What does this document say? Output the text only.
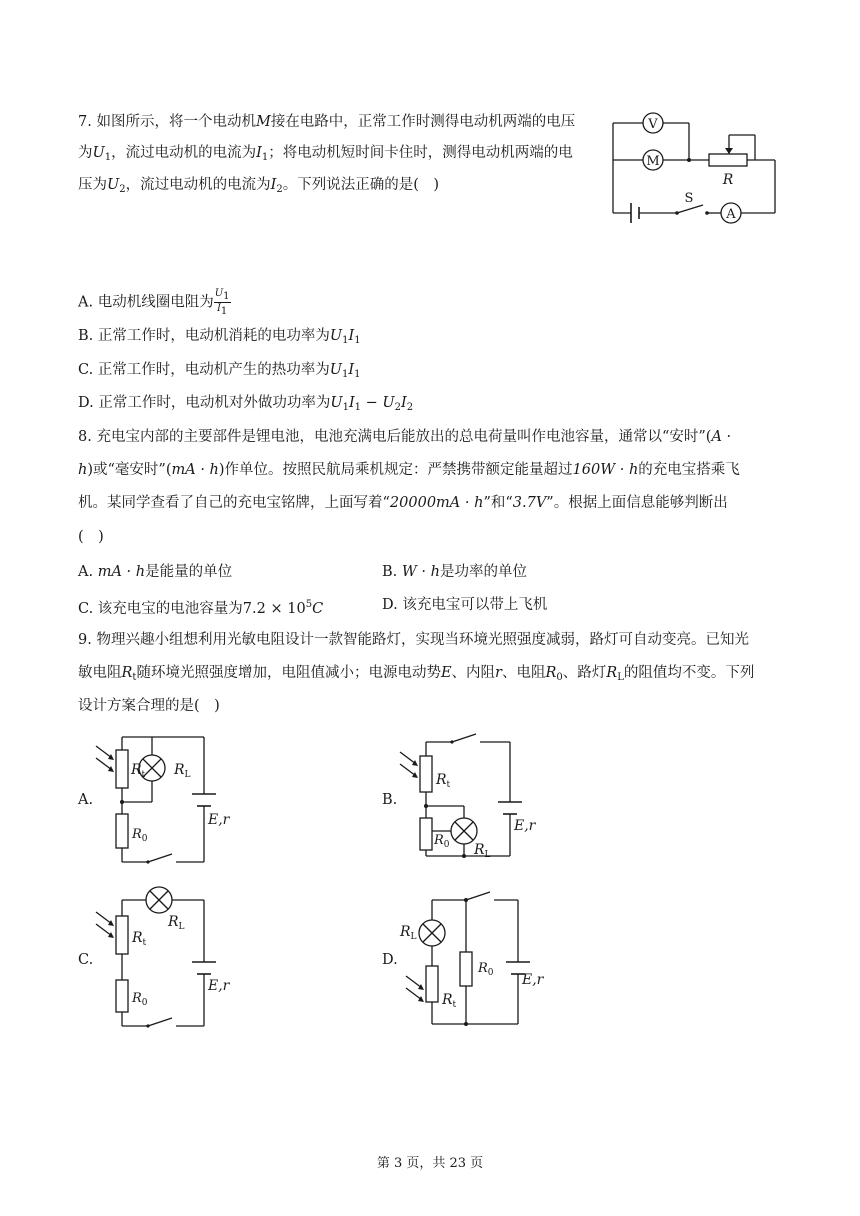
7. 如图所示，将一个电动机M接在电路中，正常工作时测得电动机两端的电压
为$U_1$，流过电动机的电流为$I_1$；将电动机短时间卡住时，测得电动机两端的电
压为$U_2$，流过电动机的电流为$I_2$。下列说法正确的是(　)
V
M
R
S
A
A. 电动机线圈电阻为 $\frac{U_1}{I_1}$
B. 正常工作时，电动机消耗的电功率为$U_1I_1$
C. 正常工作时，电动机产生的热功率为$U_1I_1$
D. 正常工作时，电动机对外做功功率为$U_1I_1 - U_2I_2$
8. 充电宝内部的主要部件是锂电池，电池充满电后能放出的总电荷量叫作电池容量，通常以“安时”(A ·
h)或“毫安时”(mA · h)作单位。按照民航局乘机规定：严禁携带额定能量超过160W · h的充电宝搭乘飞
机。某同学查看了自己的充电宝铭牌，上面写着“20000mA · h”和“3.7V”。根据上面信息能够判断出
(　)
A. mA · h是能量的单位	B. W · h是功率的单位
C. 该充电宝的电池容量为$7.2 \times 10^5C$	D. 该充电宝可以带上飞机
9. 物理兴趣小组想利用光敏电阻设计一款智能路灯，实现当环境光照强度减弱，路灯可自动变亮。已知光
敏电阻$R_t$随环境光照强度增加，电阻值减小；电源电动势E、内阻r、电阻$R_0$、路灯$R_L$的阻值均不变。下列
设计方案合理的是(　)
A.
$R_t$ $R_L$
$R_0$
E,r
B.
$R_t$
$R_0$ $R_L$
E,r
C.
$R_t$
$R_L$
$R_0$
E,r
D.
$R_L$
$R_0$
$R_t$
E,r
第 3 页，共 23 页
